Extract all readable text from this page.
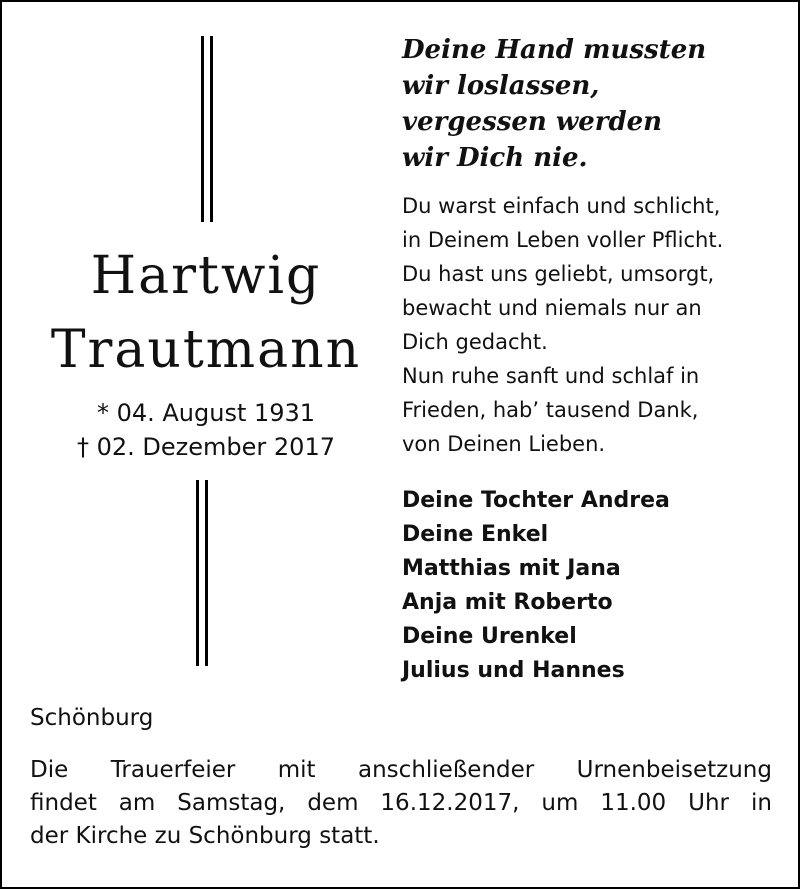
Hartwig
Trautmann
* 04. August 1931
† 02. Dezember 2017
Deine Hand mussten
wir loslassen,
vergessen werden
wir Dich nie.
Du warst einfach und schlicht,
in Deinem Leben voller Pflicht.
Du hast uns geliebt, umsorgt,
bewacht und niemals nur an
Dich gedacht.
Nun ruhe sanft und schlaf in
Frieden, hab’ tausend Dank,
von Deinen Lieben.
Deine Tochter Andrea
Deine Enkel
Matthias mit Jana
Anja mit Roberto
Deine Urenkel
Julius und Hannes
Schönburg
Die Trauerfeier mit anschließender Urnenbeisetzung
findet am Samstag, dem 16.12.2017, um 11.00 Uhr in
der Kirche zu Schönburg statt.
